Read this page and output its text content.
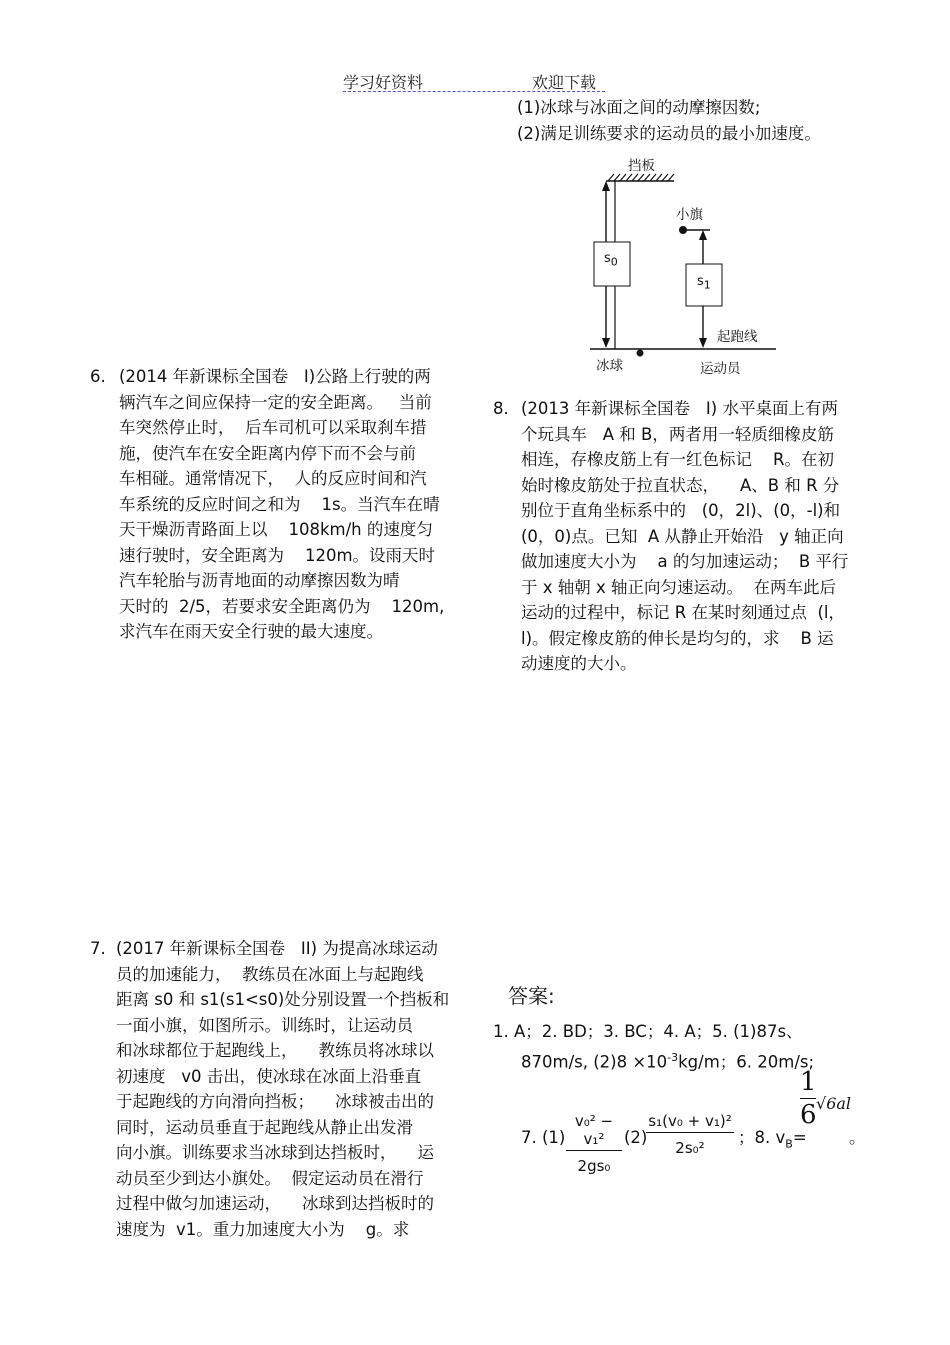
学习好资料	欢迎下载

(1)冰球与冰面之间的动摩擦因数;

(2)满足训练要求的运动员的最小加速度。

挡板
小旗
$s_0$
$s_1$
起跑线
冰球	运动员
6. (2014 年新课标全国卷   I)公路上行驶的两

辆汽车之间应保持一定的安全距离。   当前

车突然停止时，  后车司机可以采取刹车措

施，使汽车在安全距离内停下而不会与前

车相碰。通常情况下，  人的反应时间和汽

车系统的反应时间之和为    1s。当汽车在晴

天干燥沥青路面上以    108km/h 的速度匀

速行驶时，安全距离为    120m。设雨天时

汽车轮胎与沥青地面的动摩擦因数为晴

天时的  2/5，若要求安全距离仍为    120m,

求汽车在雨天安全行驶的最大速度。

8. (2013 年新课标全国卷   I) 水平桌面上有两

个玩具车   A 和 B，两者用一轻质细橡皮筋

相连，存橡皮筋上有一红色标记    R。在初

始时橡皮筋处于拉直状态，    A、B 和 R 分

别位于直角坐标系中的   (0，2l)、(0，-l)和

(0，0)点。已知  A 从静止开始沿   y 轴正向

做加速度大小为    a 的匀加速运动；  B 平行

于 x 轴朝 x 轴正向匀速运动。  在两车此后

运动的过程中，标记 R 在某时刻通过点  (l，

l)。假定橡皮筋的伸长是均匀的，求    B 运

动速度的大小。

7. (2017 年新课标全国卷   II) 为提高冰球运动

员的加速能力，  教练员在冰面上与起跑线

距离 s0 和 s1(s1<s0)处分别设置一个挡板和

一面小旗，如图所示。训练时，让运动员

和冰球都位于起跑线上，    教练员将冰球以

初速度   v0 击出，使冰球在冰面上沿垂直

于起跑线的方向滑向挡板；    冰球被击出的

同时，运动员垂直于起跑线从静止出发滑

向小旗。训练要求当冰球到达挡板时，    运

动员至少到达小旗处。  假定运动员在滑行

过程中做匀加速运动，    冰球到达挡板时的

速度为  v1。重力加速度大小为    g。求

答案:
1. A；2. BD；3. BC；4. A；5. (1)87s、
870m/s, $(2)8 \times 10^{-3}kg/m$；6. 20m/s;
7. $(1) \frac{\text{v₀² − v₁²}}{\text{2gs₀}} (2)$
$\frac{\text{s₁(v₀ + v₁)²}}{\text{2s₀²}}$ ；8. $v_B=$
$\frac{1}{6} √6al$
。
